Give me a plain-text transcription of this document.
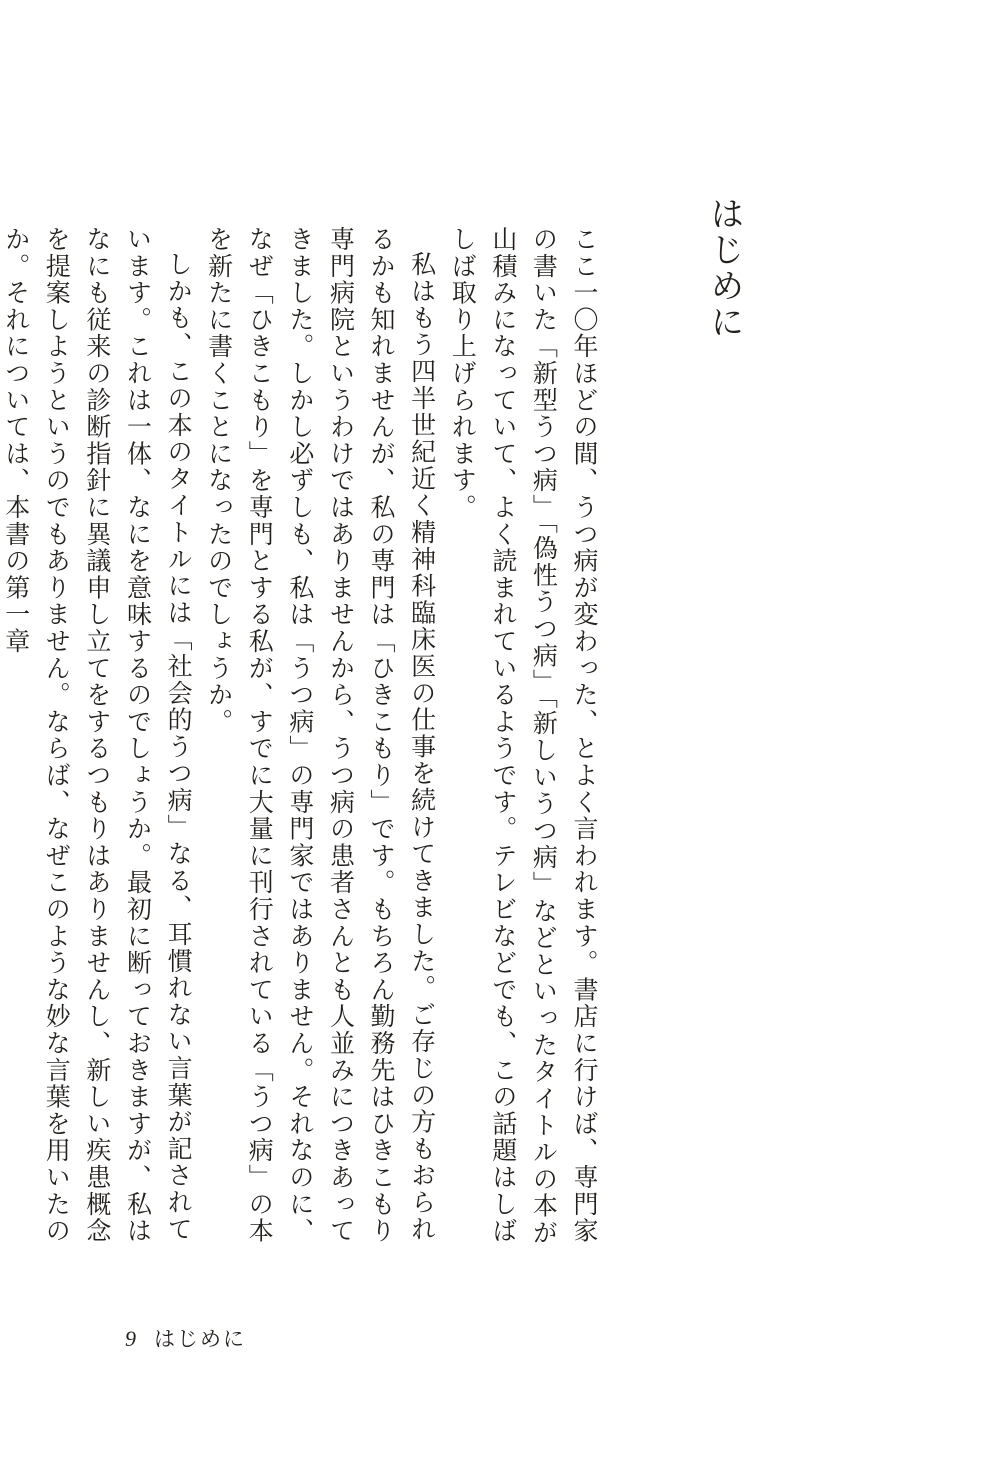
はじめに

ここ一〇年ほどの間、うつ病が変わった、とよく言われます。書店に行けば、専門家の書いた「新型うつ病」「偽性うつ病」「新しいうつ病」などといったタイトルの本が山積みになっていて、よく読まれているようです。テレビなどでも、この話題はしばしば取り上げられます。

私はもう四半世紀近く精神科臨床医の仕事を続けてきました。ご存じの方もおられるかも知れませんが、私の専門は「ひきこもり」です。もちろん勤務先はひきこもり専門病院というわけではありませんから、うつ病の患者さんとも人並みにつきあってきました。しかし必ずしも、私は「うつ病」の専門家ではありません。それなのに、なぜ「ひきこもり」を専門とする私が、すでに大量に刊行されている「うつ病」の本を新たに書くことになったのでしょうか。

しかも、この本のタイトルには「社会的うつ病」なる、耳慣れない言葉が記されています。これは一体、なにを意味するのでしょうか。最初に断っておきますが、私はなにも従来の診断指針に異議申し立てをするつもりはありませんし、新しい疾患概念を提案しようというのでもありません。ならば、なぜこのような妙な言葉を用いたのか。それについては、本書の第一章

9 はじめに
